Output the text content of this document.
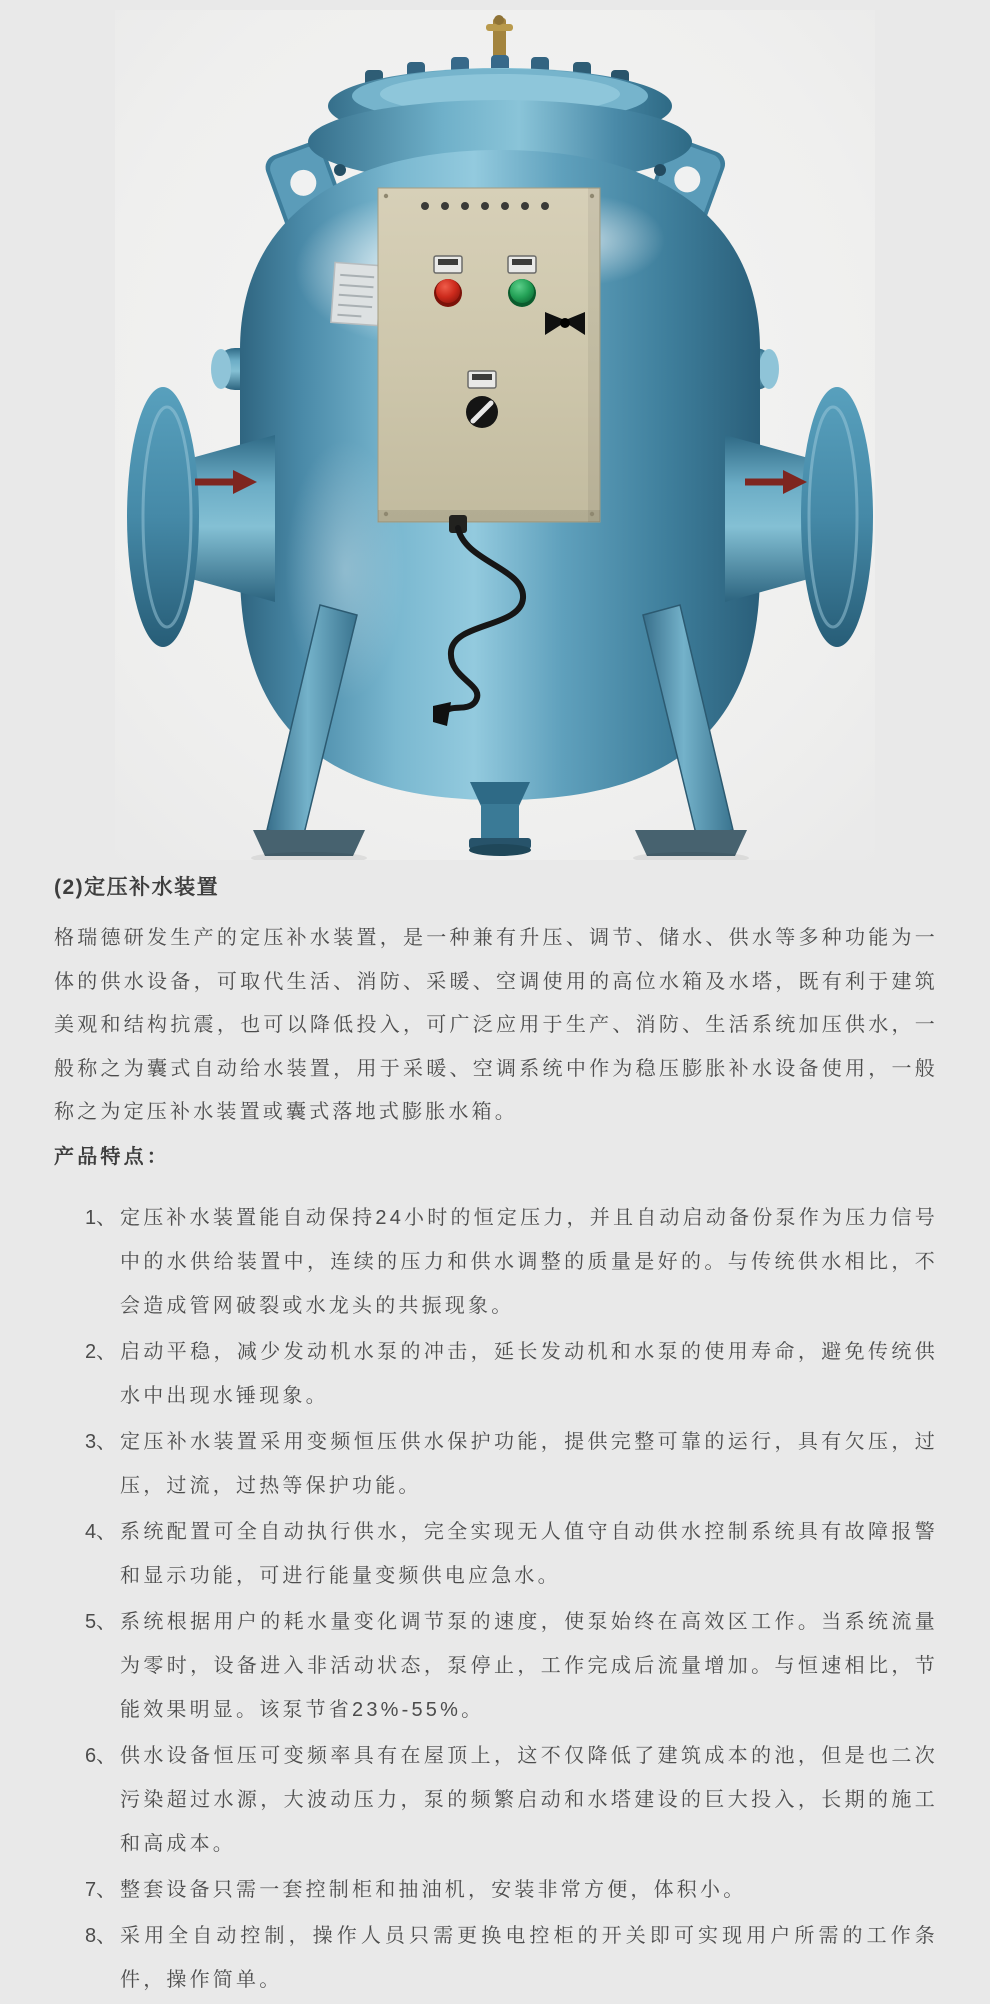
(2)定压补水装置

格瑞德研发生产的定压补水装置，是一种兼有升压、调节、储水、供水等多种功能为一体的供水设备，可取代生活、消防、采暖、空调使用的高位水箱及水塔，既有利于建筑美观和结构抗震，也可以降低投入，可广泛应用于生产、消防、生活系统加压供水，一般称之为囊式自动给水装置，用于采暖、空调系统中作为稳压膨胀补水设备使用，一般称之为定压补水装置或囊式落地式膨胀水箱。

产品特点：

1、 定压补水装置能自动保持24小时的恒定压力，并且自动启动备份泵作为压力信号中的水供给装置中，连续的压力和供水调整的质量是好的。与传统供水相比，不会造成管网破裂或水龙头的共振现象。
2、 启动平稳，减少发动机水泵的冲击，延长发动机和水泵的使用寿命，避免传统供水中出现水锤现象。
3、 定压补水装置采用变频恒压供水保护功能，提供完整可靠的运行，具有欠压，过压，过流，过热等保护功能。
4、 系统配置可全自动执行供水，完全实现无人值守自动供水控制系统具有故障报警和显示功能，可进行能量变频供电应急水。
5、 系统根据用户的耗水量变化调节泵的速度，使泵始终在高效区工作。当系统流量为零时，设备进入非活动状态，泵停止，工作完成后流量增加。与恒速相比，节能效果明显。该泵节省23%-55%。
6、 供水设备恒压可变频率具有在屋顶上，这不仅降低了建筑成本的池，但是也二次污染超过水源，大波动压力，泵的频繁启动和水塔建设的巨大投入，长期的施工和高成本。
7、 整套设备只需一套控制柜和抽油机，安装非常方便，体积小。
8、 采用全自动控制，操作人员只需更换电控柜的开关即可实现用户所需的工作条件，操作简单。
